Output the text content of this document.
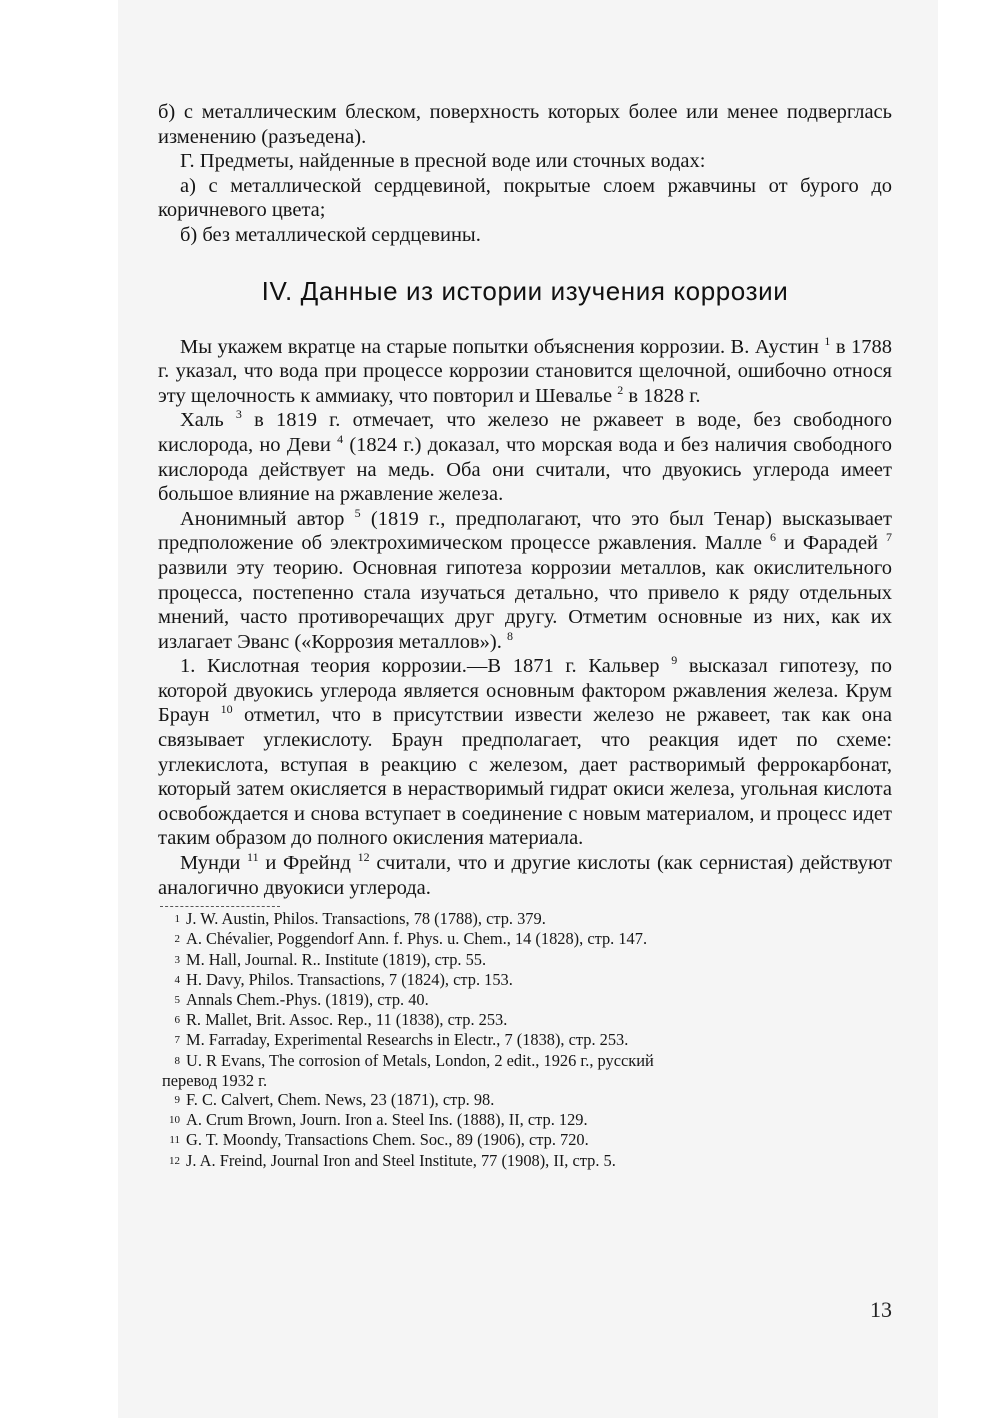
б) с металлическим блеском, поверхность которых более или менее подверглась изменению (разъедена).

Г. Предметы, найденные в пресной воде или сточных водах:

а) с металлической сердцевиной, покрытые слоем ржавчины от бурого до коричневого цвета;

б) без металлической сердцевины.

IV. Данные из истории изучения коррозии

Мы укажем вкратце на старые попытки объяснения коррозии. В. Аустин $^1$ в 1788 г. указал, что вода при процессе коррозии становится щелочной, ошибочно относя эту щелочность к аммиаку, что повторил и Шевалье $^2$ в 1828 г.

Халь $^3$ в 1819 г. отмечает, что железо не ржавеет в воде, без свободного кислорода, но Деви $^4$ (1824 г.) доказал, что морская вода и без наличия свободного кислорода действует на медь. Оба они считали, что двуокись углерода имеет большое влияние на ржавление железа.

Анонимный автор $^5$ (1819 г., предполагают, что это был Тенар) высказывает предположение об электрохимическом процессе ржавления. Малле $^6$ и Фарадей $^7$ развили эту теорию. Основная гипотеза коррозии металлов, как окислительного процесса, постепенно стала изучаться детально, что привело к ряду отдельных мнений, часто противоречащих друг другу. Отметим основные из них, как их излагает Эванс («Коррозия металлов»). $^8$

1. Кислотная теория коррозии.—В 1871 г. Кальвер $^9$ высказал гипотезу, по которой двуокись углерода является основным фактором ржавления железа. Крум Браун $^{10}$ отметил, что в присутствии извести железо не ржавеет, так как она связывает углекислоту. Браун предполагает, что реакция идет по схеме: углекислота, вступая в реакцию с железом, дает растворимый феррокарбонат, который затем окисляется в нерастворимый гидрат окиси железа, угольная кислота освобождается и снова вступает в соединение с новым материалом, и процесс идет таким образом до полного окисления материала.

Мунди $^{11}$ и Фрейнд $^{12}$ считали, что и другие кислоты (как сернистая) действуют аналогично двуокиси углерода.

1 J. W. Austin, Philos. Transactions, 78 (1788), стр. 379.

2 A. Chévalier, Poggendorf Ann. f. Phys. u. Chem., 14 (1828), стр. 147.

3 M. Hall, Journal. R.. Institute (1819), стр. 55.

4 H. Davy, Philos. Transactions, 7 (1824), стр. 153.

5 Annals Chem.-Phys. (1819), стр. 40.

6 R. Mallet, Brit. Assoc. Rep., 11 (1838), стр. 253.

7 M. Farraday, Experimental Researchs in Electr., 7 (1838), стр. 253.

8 U. R Evans, The corrosion of Metals, London, 2 edit., 1926 г., русский

перевод 1932 г.

9 F. C. Calvert, Chem. News, 23 (1871), стр. 98.

10 A. Crum Brown, Journ. Iron a. Steel Ins. (1888), II, стр. 129.

11 G. T. Moondy, Transactions Chem. Soc., 89 (1906), стр. 720.

12 J. A. Freind, Journal Iron and Steel Institute, 77 (1908), II, стр. 5.

13
